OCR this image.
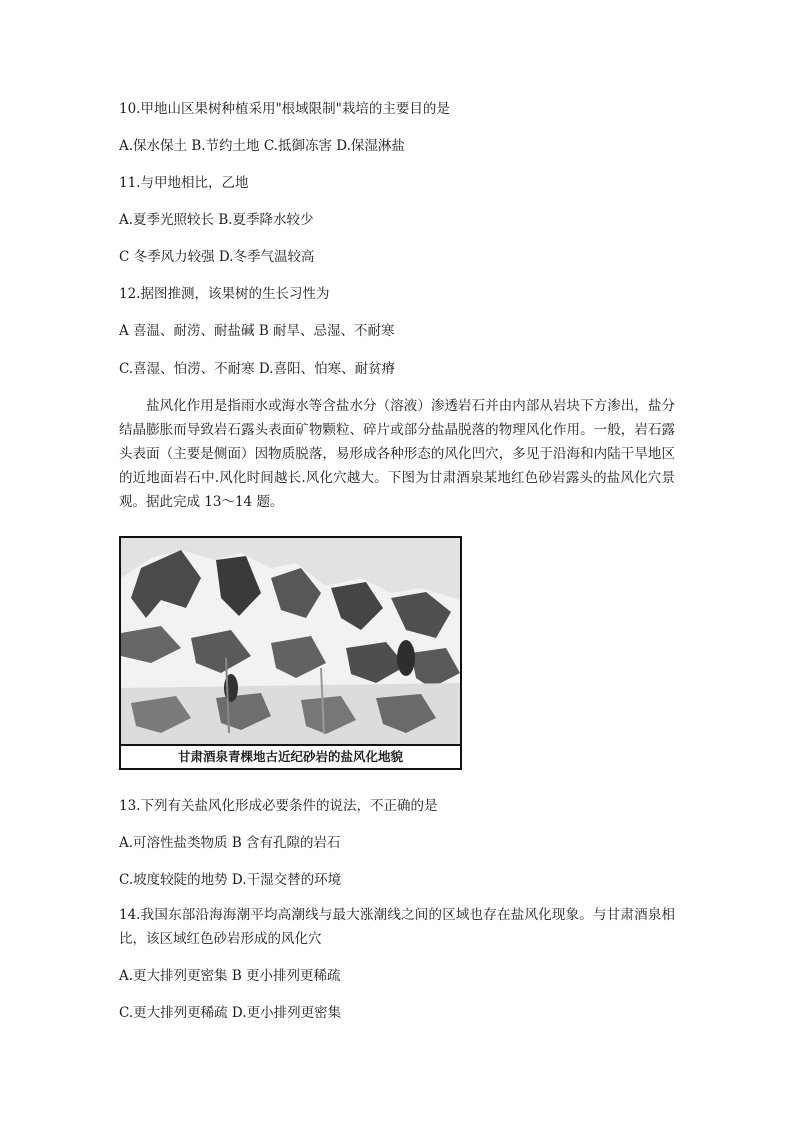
10.甲地山区果树种植采用"根域限制"栽培的主要目的是
A.保水保土 B.节约土地 C.抵御冻害 D.保湿淋盐
11.与甲地相比，乙地
A.夏季光照较长 B.夏季降水较少
C 冬季风力较强 D.冬季气温较高
12.据图推测，该果树的生长习性为
A 喜温、耐涝、耐盐碱 B 耐旱、忌湿、不耐寒
C.喜湿、怕涝、不耐寒 D.喜阳、怕寒、耐贫瘠
盐风化作用是指雨水或海水等含盐水分（溶液）渗透岩石并由内部从岩块下方渗出，盐分结晶膨胀而导致岩石露头表面矿物颗粒、碎片或部分盐晶脱落的物理风化作用。一般，岩石露头表面（主要是侧面）因物质脱落，易形成各种形态的风化凹穴，多见于沿海和内陆干旱地区的近地面岩石中.风化时间越长.风化穴越大。下图为甘肃酒泉某地红色砂岩露头的盐风化穴景观。据此完成 13～14 题。
甘肃酒泉青棵地古近纪砂岩的盐风化地貌
13.下列有关盐风化形成必要条件的说法，不正确的是
A.可溶性盐类物质 B 含有孔隙的岩石
C.坡度较陡的地势 D.干湿交替的环境
14.我国东部沿海海潮平均高潮线与最大涨潮线之间的区域也存在盐风化现象。与甘肃酒泉相比，该区域红色砂岩形成的风化穴
A.更大排列更密集 B 更小排列更稀疏
C.更大排列更稀疏 D.更小排列更密集
